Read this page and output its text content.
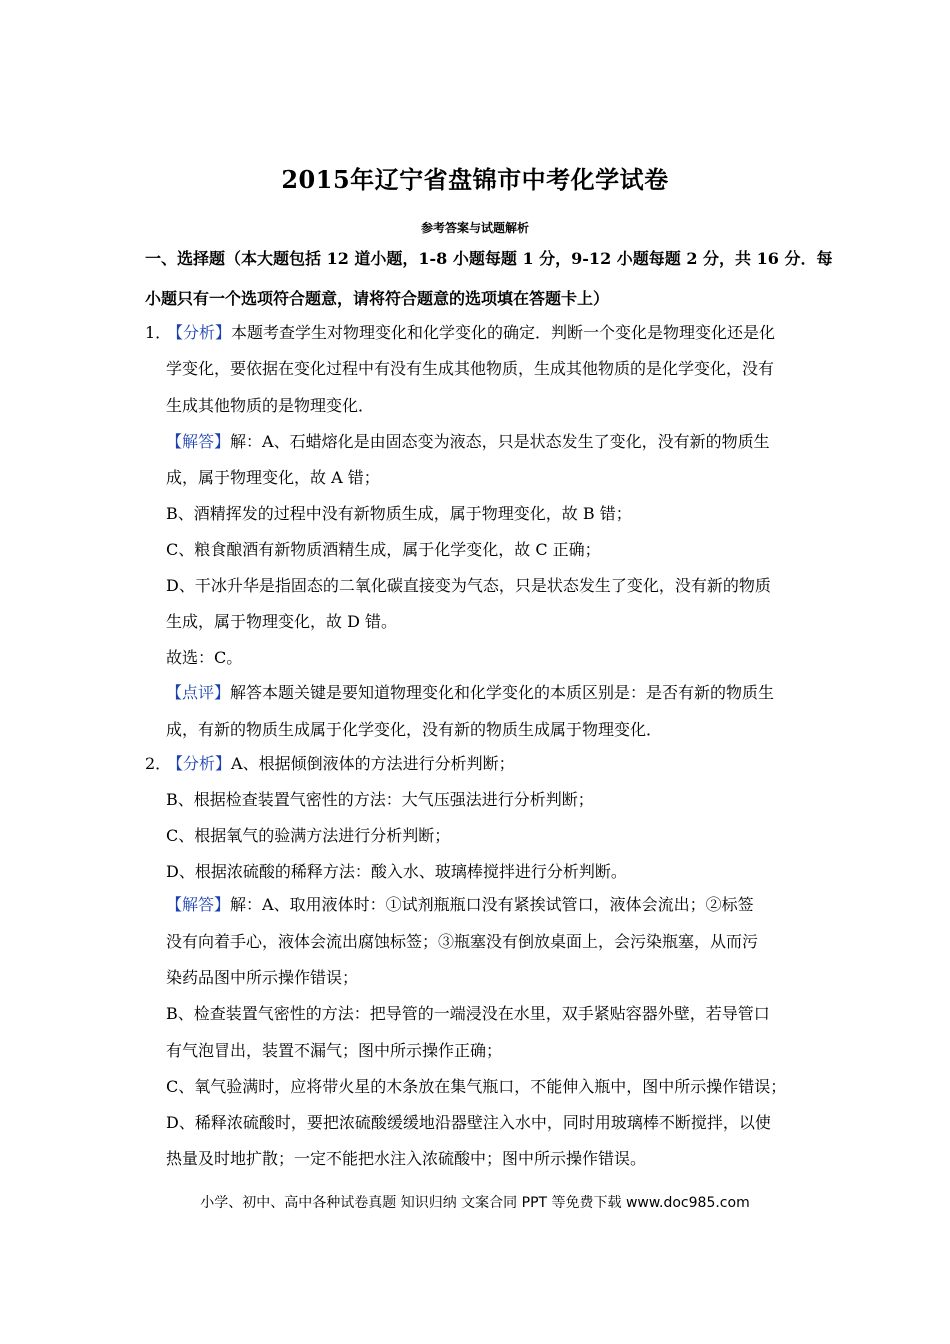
2015年辽宁省盘锦市中考化学试卷
参考答案与试题解析
一、选择题（本大题包括 12 道小题，1-8 小题每题 1 分，9-12 小题每题 2 分，共 16 分．每
小题只有一个选项符合题意，请将符合题意的选项填在答题卡上）
1．【分析】本题考查学生对物理变化和化学变化的确定．判断一个变化是物理变化还是化
学变化，要依据在变化过程中有没有生成其他物质，生成其他物质的是化学变化，没有
生成其他物质的是物理变化．
【解答】解：A、石蜡熔化是由固态变为液态，只是状态发生了变化，没有新的物质生
成，属于物理变化，故 A 错；
B、酒精挥发的过程中没有新物质生成，属于物理变化，故 B 错；
C、粮食酿酒有新物质酒精生成，属于化学变化，故 C 正确；
D、干冰升华是指固态的二氧化碳直接变为气态，只是状态发生了变化，没有新的物质
生成，属于物理变化，故 D 错。
故选：C。
【点评】解答本题关键是要知道物理变化和化学变化的本质区别是：是否有新的物质生
成，有新的物质生成属于化学变化，没有新的物质生成属于物理变化．
2．【分析】A、根据倾倒液体的方法进行分析判断；
B、根据检查装置气密性的方法：大气压强法进行分析判断；
C、根据氧气的验满方法进行分析判断；
D、根据浓硫酸的稀释方法：酸入水、玻璃棒搅拌进行分析判断。
【解答】解：A、取用液体时：①试剂瓶瓶口没有紧挨试管口，液体会流出；②标签
没有向着手心，液体会流出腐蚀标签；③瓶塞没有倒放桌面上，会污染瓶塞，从而污
染药品图中所示操作错误；
B、检查装置气密性的方法：把导管的一端浸没在水里，双手紧贴容器外壁，若导管口
有气泡冒出，装置不漏气；图中所示操作正确；
C、氧气验满时，应将带火星的木条放在集气瓶口，不能伸入瓶中，图中所示操作错误；
D、稀释浓硫酸时，要把浓硫酸缓缓地沿器壁注入水中，同时用玻璃棒不断搅拌，以使
热量及时地扩散；一定不能把水注入浓硫酸中；图中所示操作错误。
小学、初中、高中各种试卷真题 知识归纳 文案合同 PPT 等免费下载 www.doc985.com
